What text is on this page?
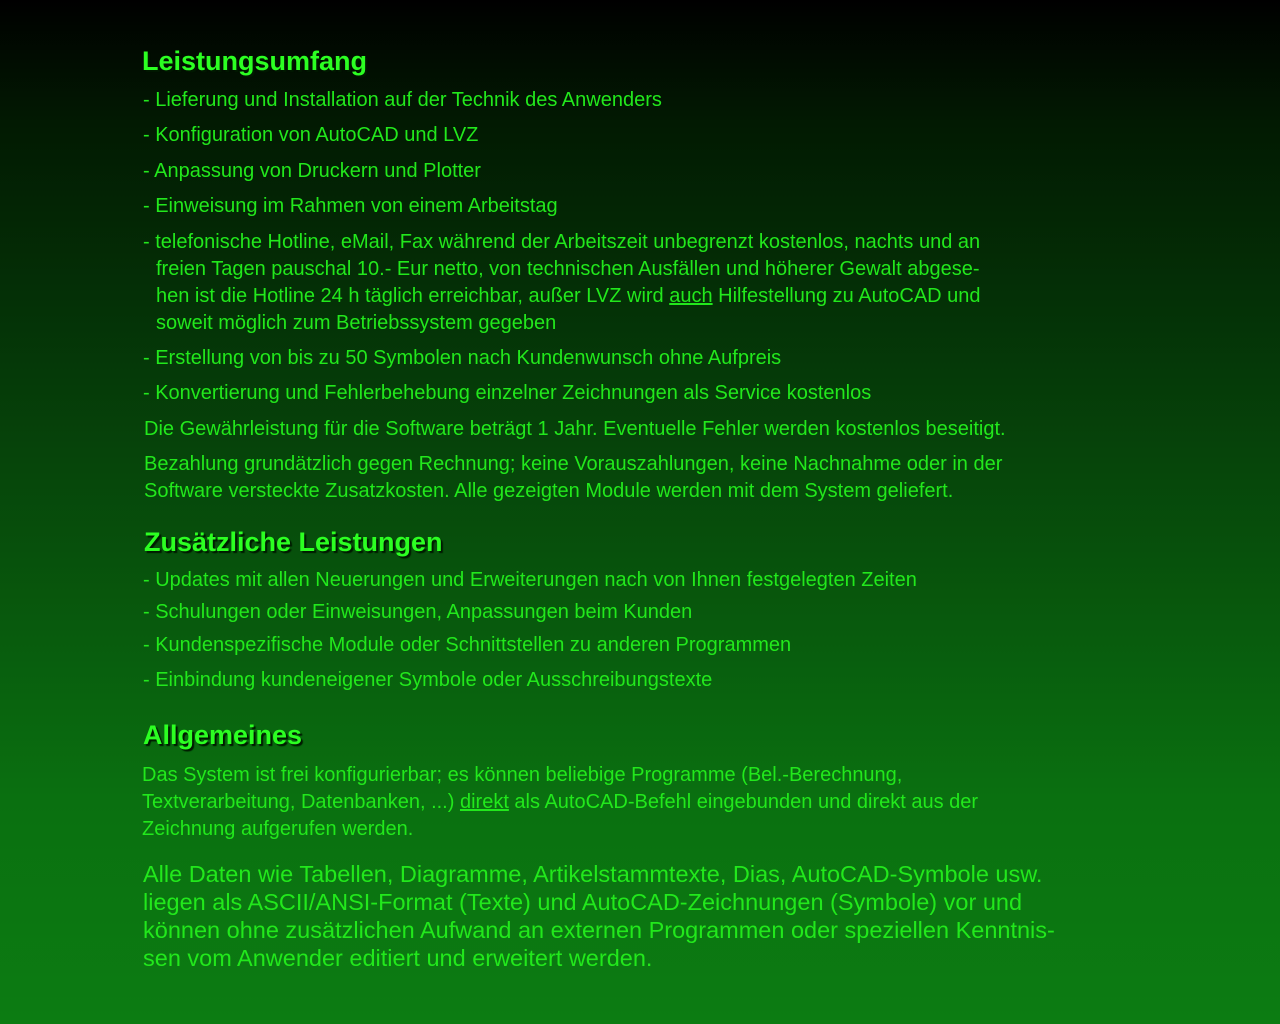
Leistungsumfang
- Lieferung und Installation auf der Technik des Anwenders
- Konfiguration von AutoCAD und LVZ
- Anpassung von Druckern und Plotter
- Einweisung im Rahmen von einem Arbeitstag
- telefonische Hotline, eMail, Fax während der Arbeitszeit unbegrenzt kostenlos, nachts und an
freien Tagen pauschal 10.- Eur netto, von technischen Ausfällen und höherer Gewalt abgese-
hen ist die Hotline 24 h täglich erreichbar, außer LVZ wird auch Hilfestellung zu AutoCAD und
soweit möglich zum Betriebssystem gegeben
- Erstellung von bis zu 50 Symbolen nach Kundenwunsch ohne Aufpreis
- Konvertierung und Fehlerbehebung einzelner Zeichnungen als Service kostenlos
Die Gewährleistung für die Software beträgt 1 Jahr. Eventuelle Fehler werden kostenlos beseitigt.
Bezahlung grundätzlich gegen Rechnung; keine Vorauszahlungen, keine Nachnahme oder in der
Software versteckte Zusatzkosten. Alle gezeigten Module werden mit dem System geliefert.
Zusätzliche Leistungen
- Updates mit allen Neuerungen und Erweiterungen nach von Ihnen festgelegten Zeiten
- Schulungen oder Einweisungen, Anpassungen beim Kunden
- Kundenspezifische Module oder Schnittstellen zu anderen Programmen
- Einbindung kundeneigener Symbole oder Ausschreibungstexte
Allgemeines
Das System ist frei konfigurierbar; es können beliebige Programme (Bel.-Berechnung,
Textverarbeitung, Datenbanken, ...) direkt als AutoCAD-Befehl eingebunden und direkt aus der
Zeichnung aufgerufen werden.
Alle Daten wie Tabellen, Diagramme, Artikelstammtexte, Dias, AutoCAD-Symbole usw.
liegen als ASCII/ANSI-Format (Texte) und AutoCAD-Zeichnungen (Symbole) vor und
können ohne zusätzlichen Aufwand an externen Programmen oder speziellen Kenntnis-
sen vom Anwender editiert und erweitert werden.
